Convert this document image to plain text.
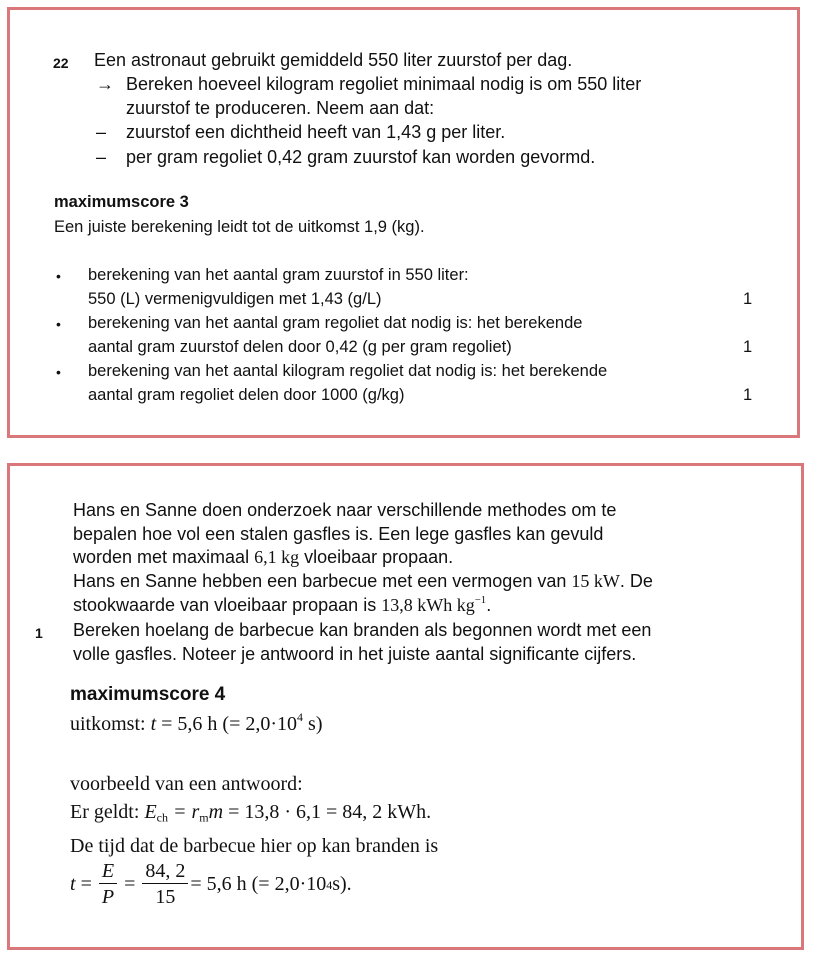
22 Een astronaut gebruikt gemiddeld 550 liter zuurstof per dag.
→ Bereken hoeveel kilogram regoliet minimaal nodig is om 550 liter
zuurstof te produceren. Neem aan dat:
– zuurstof een dichtheid heeft van 1,43 g per liter.
– per gram regoliet 0,42 gram zuurstof kan worden gevormd.
maximumscore 3
Een juiste berekening leidt tot de uitkomst 1,9 (kg).
• berekening van het aantal gram zuurstof in 550 liter:
550 (L) vermenigvuldigen met 1,43 (g/L)	1
• berekening van het aantal gram regoliet dat nodig is: het berekende
aantal gram zuurstof delen door 0,42 (g per gram regoliet)	1
• berekening van het aantal kilogram regoliet dat nodig is: het berekende
aantal gram regoliet delen door 1000 (g/kg)	1
Hans en Sanne doen onderzoek naar verschillende methodes om te
bepalen hoe vol een stalen gasfles is. Een lege gasfles kan gevuld
worden met maximaal 6,1 kg vloeibaar propaan.
Hans en Sanne hebben een barbecue met een vermogen van 15 kW. De
stookwaarde van vloeibaar propaan is 13,8 kWh $kg^{-1}$.
1 Bereken hoelang de barbecue kan branden als begonnen wordt met een
volle gasfles. Noteer je antwoord in het juiste aantal significante cijfers.
maximumscore 4
uitkomst: t = 5,6 h (= $2,0\cdot 10^4$ s)
voorbeeld van een antwoord:
Er geldt: $E_{ch} = r_mm = 13,8 \cdot 6,1 = 84$, 2 kWh.
De tijd dat de barbecue hier op kan branden is
$t = \frac{E}{P} = \frac{84, 2}{15} = 5,6$ h (= 2,0·10 4 s).
